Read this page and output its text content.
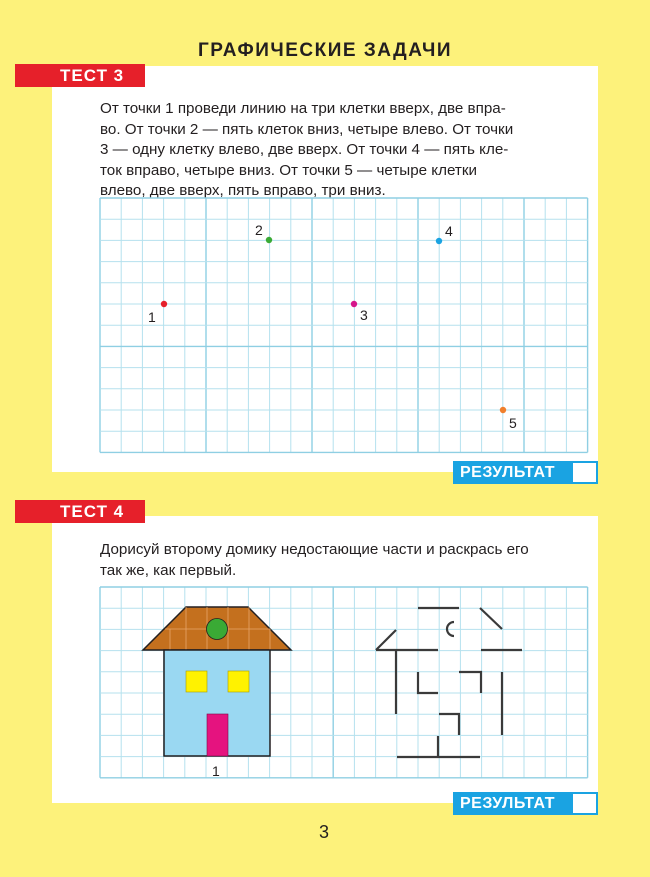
ГРАФИЧЕСКИЕ ЗАДАЧИ
ТЕСТ 3
От точки 1 проведи линию на три клетки вверх, две впра-
во. От точки 2 — пять клеток вниз, четыре влево. От точки
3 — одну клетку влево, две вверх. От точки 4 — пять кле-
ток вправо, четыре вниз. От точки 5 — четыре клетки
влево, две вверх, пять вправо, три вниз.
1
2
3
4
5
РЕЗУЛЬТАТ
ТЕСТ 4
Дорисуй второму домику недостающие части и раскрась его
так же, как первый.
1
РЕЗУЛЬТАТ
3
